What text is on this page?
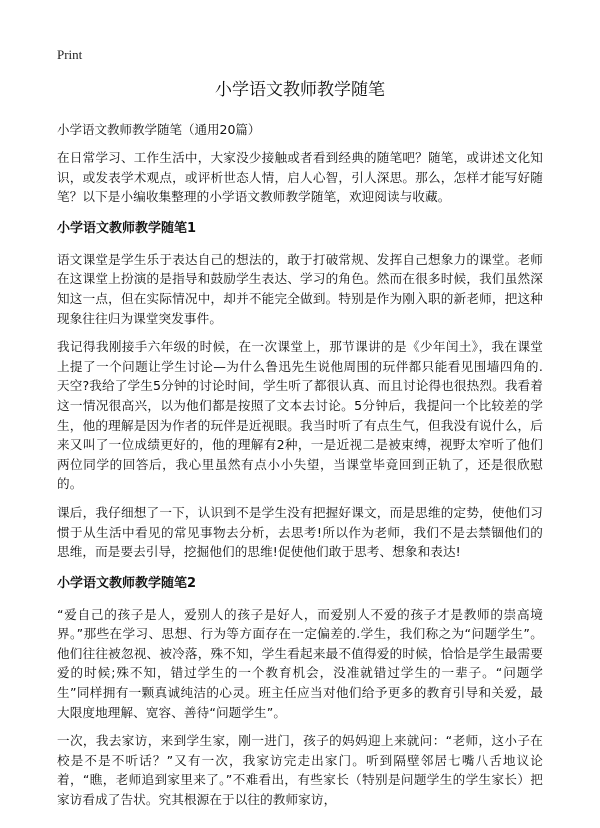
Print
小学语文教师教学随笔
小学语文教师教学随笔（通用20篇）

在日常学习、工作生活中，大家没少接触或者看到经典的随笔吧？随笔，或讲述文化知识，或发表学术观点，或评析世态人情，启人心智，引人深思。那么，怎样才能写好随笔？以下是小编收集整理的小学语文教师教学随笔，欢迎阅读与收藏。

小学语文教师教学随笔1

语文课堂是学生乐于表达自己的想法的，敢于打破常规、发挥自己想象力的课堂。老师在这课堂上扮演的是指导和鼓励学生表达、学习的角色。然而在很多时候，我们虽然深知这一点，但在实际情况中，却并不能完全做到。特别是作为刚入职的新老师，把这种现象往往归为课堂突发事件。

我记得我刚接手六年级的时候，在一次课堂上，那节课讲的是《少年闰土》，我在课堂上提了一个问题让学生讨论—为什么鲁迅先生说他周围的玩伴都只能看见围墙四角的.天空?我给了学生5分钟的讨论时间，学生听了都很认真、而且讨论得也很热烈。我看着这一情况很高兴，以为他们都是按照了文本去讨论。5分钟后，我提问一个比较差的学生，他的理解是因为作者的玩伴是近视眼。我当时听了有点生气，但我没有说什么，后来又叫了一位成绩更好的，他的理解有2种，一是近视二是被束缚，视野太窄听了他们两位同学的回答后，我心里虽然有点小小失望，当课堂毕竟回到正轨了，还是很欣慰的。

课后，我仔细想了一下，认识到不是学生没有把握好课文，而是思维的定势，使他们习惯于从生活中看见的常见事物去分析，去思考!所以作为老师，我们不是去禁锢他们的思维，而是要去引导，挖掘他们的思维!促使他们敢于思考、想象和表达!

小学语文教师教学随笔2

“爱自己的孩子是人，爱别人的孩子是好人，而爱别人不爱的孩子才是教师的崇高境界。”那些在学习、思想、行为等方面存在一定偏差的.学生，我们称之为“问题学生”。他们往往被忽视、被冷落，殊不知，学生看起来最不值得爱的时候，恰恰是学生最需要爱的时候;殊不知，错过学生的一个教育机会，没准就错过学生的一辈子。“问题学生”同样拥有一颗真诚纯洁的心灵。班主任应当对他们给予更多的教育引导和关爱，最大限度地理解、宽容、善待“问题学生”。

一次，我去家访，来到学生家，刚一进门，孩子的妈妈迎上来就问：“老师，这小子在校是不是不听话？”又有一次，我家访完走出家门。听到隔壁邻居七嘴八舌地议论着，“瞧，老师追到家里来了。”不难看出，有些家长（特别是问题学生的学生家长）把家访看成了告状。究其根源在于以往的教师家访，
